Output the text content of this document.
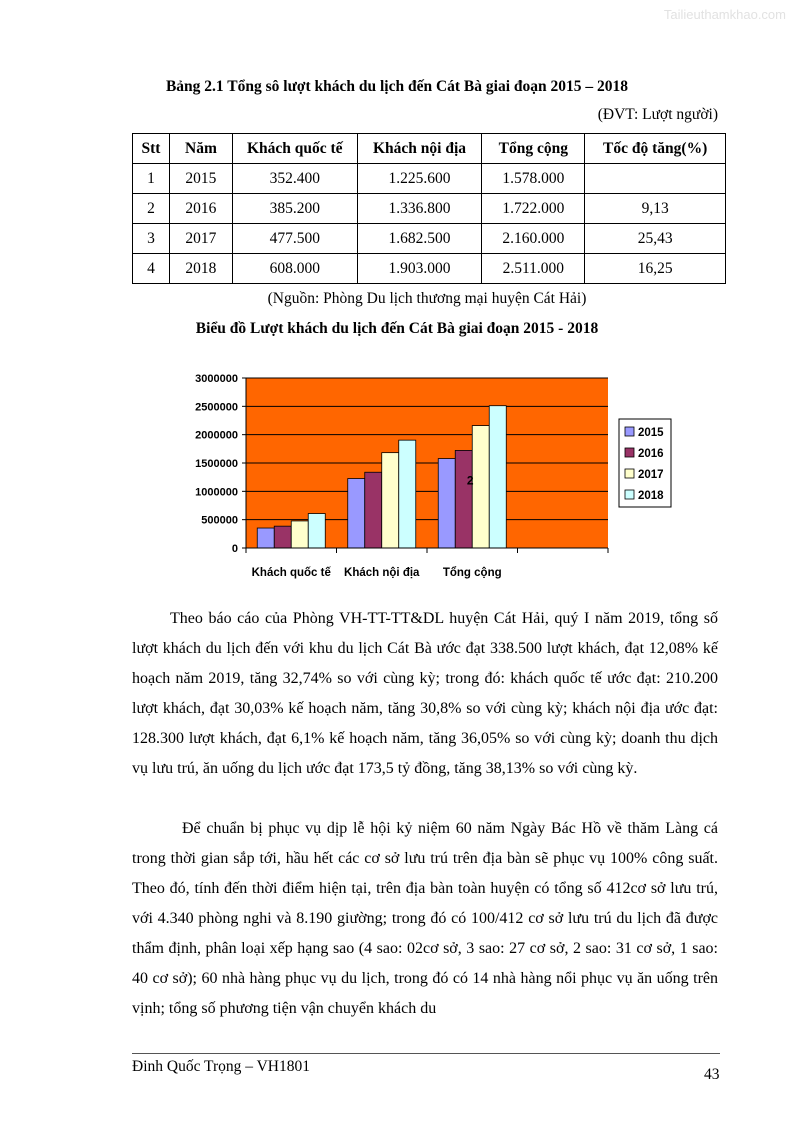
Tailieuthamkhao.com
Bảng 2.1 Tổng sô lượt khách du lịch đến Cát Bà giai đoạn 2015 – 2018
(ĐVT: Lượt người)
Stt	Năm	Khách quốc tế	Khách nội địa	Tổng cộng	Tốc độ tăng(%)
1	2015	352.400	1.225.600	1.578.000	
2	2016	385.200	1.336.800	1.722.000	9,13
3	2017	477.500	1.682.500	2.160.000	25,43
4	2018	608.000	1.903.000	2.511.000	16,25
(Nguồn: Phòng Du lịch thương mại huyện Cát Hải)
Biểu đồ Lượt khách du lịch đến Cát Bà giai đoạn 2015 - 2018
2
3000000
2500000
2000000
1500000
1000000
500000
0
Khách quốc tế Khách nội địa Tổng cộng
2015
2016
2017
2018
Theo báo cáo của Phòng VH-TT-TT&DL huyện Cát Hải, quý I năm 2019, tổng số lượt khách du lịch đến với khu du lịch Cát Bà ước đạt 338.500 lượt khách, đạt 12,08% kế hoạch năm 2019, tăng 32,74% so với cùng kỳ; trong đó: khách quốc tế ước đạt: 210.200 lượt khách, đạt 30,03% kế hoạch năm, tăng 30,8% so với cùng kỳ; khách nội địa ước đạt: 128.300 lượt khách, đạt 6,1% kế hoạch năm, tăng 36,05% so với cùng kỳ; doanh thu dịch vụ lưu trú, ăn uống du lịch ước đạt 173,5 tỷ đồng, tăng 38,13% so với cùng kỳ.
Để chuẩn bị phục vụ dịp lễ hội kỷ niệm 60 năm Ngày Bác Hồ về thăm Làng cá trong thời gian sắp tới, hầu hết các cơ sở lưu trú trên địa bàn sẽ phục vụ 100% công suất. Theo đó, tính đến thời điểm hiện tại, trên địa bàn toàn huyện có tổng số 412cơ sở lưu trú, với 4.340 phòng nghi và 8.190 giường; trong đó có 100/412 cơ sở lưu trú du lịch đã được thẩm định, phân loại xếp hạng sao (4 sao: 02cơ sở, 3 sao: 27 cơ sở, 2 sao: 31 cơ sở, 1 sao: 40 cơ sở); 60 nhà hàng phục vụ du lịch, trong đó có 14 nhà hàng nổi phục vụ ăn uống trên vịnh; tổng số phương tiện vận chuyển khách du
Đinh Quốc Trọng – VH1801	43
